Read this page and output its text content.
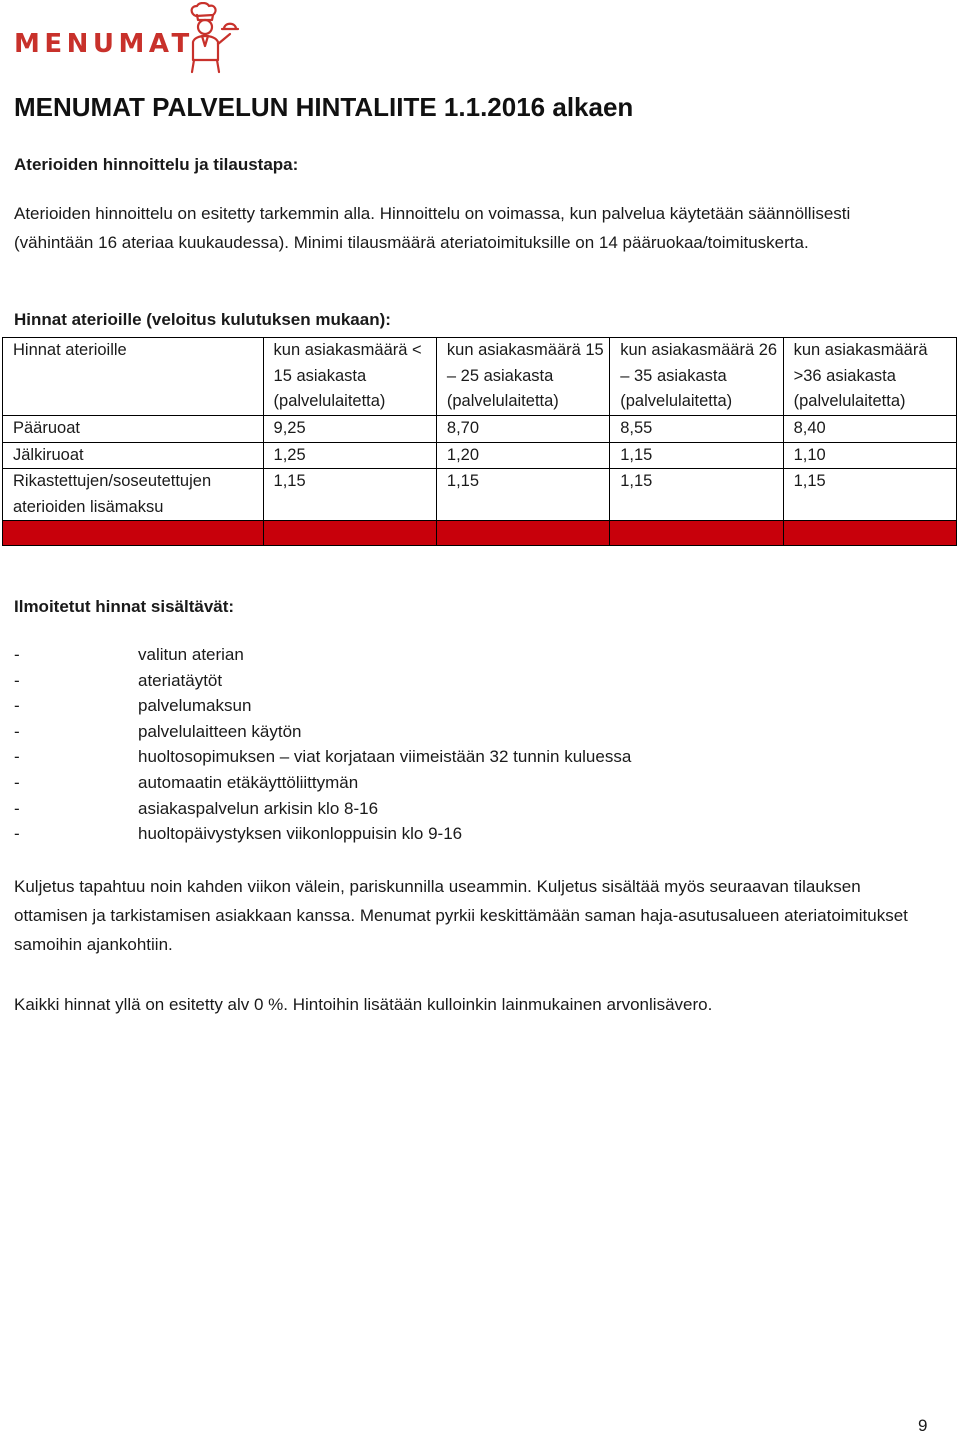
MENUMAT
MENUMAT PALVELUN HINTALIITE 1.1.2016 alkaen
Aterioiden hinnoittelu ja tilaustapa:
Aterioiden hinnoittelu on esitetty tarkemmin alla. Hinnoittelu on voimassa, kun palvelua käytetään säännöllisesti (vähintään 16 ateriaa kuukaudessa). Minimi tilausmäärä ateriatoimituksille on 14 pääruokaa/toimituskerta.
Hinnat aterioille (veloitus kulutuksen mukaan):
Hinnat aterioille	kun asiakasmäärä < 15 asiakasta (palvelulaitetta)	kun asiakasmäärä 15 – 25 asiakasta (palvelulaitetta)	kun asiakasmäärä 26 – 35 asiakasta (palvelulaitetta)	kun asiakasmäärä >36 asiakasta (palvelulaitetta)
Pääruoat	9,25	8,70	8,55	8,40
Jälkiruoat	1,25	1,20	1,15	1,10
Rikastettujen/soseutettujen aterioiden lisämaksu	1,15	1,15	1,15	1,15

Ilmoitetut hinnat sisältävät:
-	valitun aterian
-	ateriatäytöt
-	palvelumaksun
-	palvelulaitteen käytön
-	huoltosopimuksen – viat korjataan viimeistään 32 tunnin kuluessa
-	automaatin etäkäyttöliittymän
-	asiakaspalvelun arkisin klo 8-16
-	huoltopäivystyksen viikonloppuisin klo 9-16
Kuljetus tapahtuu noin kahden viikon välein, pariskunnilla useammin. Kuljetus sisältää myös seuraavan tilauksen ottamisen ja tarkistamisen asiakkaan kanssa. Menumat pyrkii keskittämään saman haja-asutusalueen ateriatoimitukset samoihin ajankohtiin.
Kaikki hinnat yllä on esitetty alv 0 %. Hintoihin lisätään kulloinkin lainmukainen arvonlisävero.
9
